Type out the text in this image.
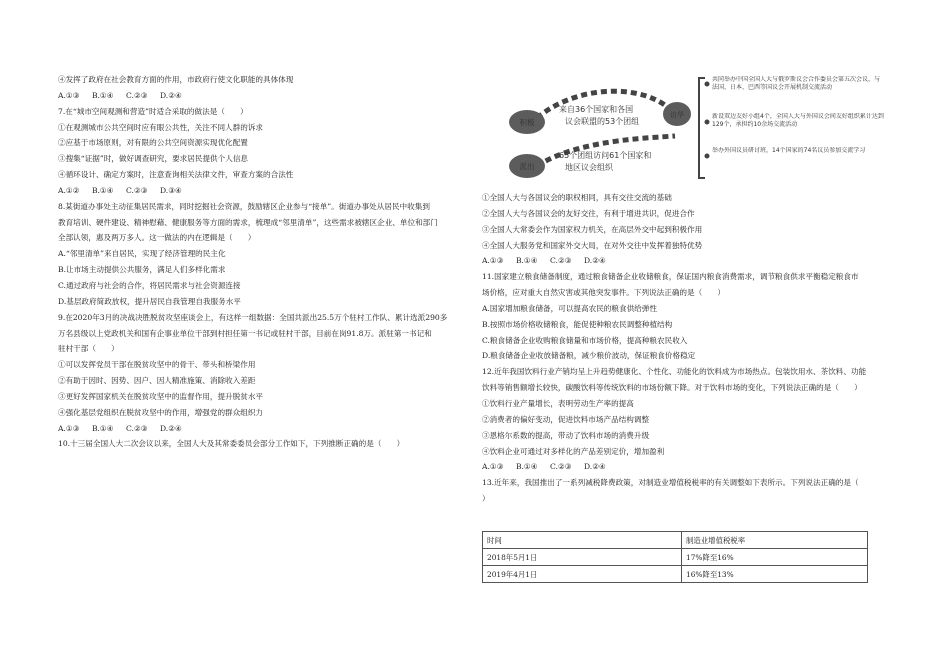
④发挥了政府在社会教育方面的作用，市政府行使文化职能的具体体现
A.①③ B.①④ C.②③ D.②④
7.在“城市空间观测和营造”时适合采取的做法是（　　）
①在观测城市公共空间时应有眼公共性，关注不同人群的诉求
②应基于市场原则，对有限的公共空间资源实现优化配置
③搜集“证据”时，做好调查研究，要求居民提供个人信息
④循环设计、确定方案时，注意查询相关法律文件，审查方案的合法性
A.①② B.①④ C.②③ D.③④
8.某街道办事处主动征集居民需求，同时挖掘社会资源，鼓励辖区企业参与“接单”。街道办事处从居民中收集到
教育培训、硬件建设、精神慰藉、健康服务等方面的需求，梳理成“邻里清单”，这些需求被辖区企业、单位和部门
全部认领，惠及两万多人。这一做法的内在逻辑是（　　）
A.“邻里清单”来自居民，实现了经济管理的民主化
B.让市场主动提供公共服务，满足人们多样化需求
C.通过政府与社会的合作，将居民需求与社会资源连接
D.基层政府简政放权，提升居民自我管理自我服务水平
9.在2020年3月的决战决胜脱贫攻坚座谈会上，有这样一组数据：全国共派出25.5万个驻村工作队、累计选派290多
万名县级以上党政机关和国有企事业单位干部到村担任第一书记或驻村干部，目前在岗91.8万。派驻第一书记和
驻村干部（　　）
①可以发挥党员干部在脱贫攻坚中的骨干、带头和桥梁作用
②有助于因时、因势、因户、因人精准施策、消除收入差距
③更好发挥国家机关在脱贫攻坚中的监督作用，提升脱贫水平
④强化基层党组织在脱贫攻坚中的作用，增强党的群众组织力
A.①③ B.①④ C.②③ D.②④
10.十三届全国人大二次会议以来，全国人大及其常委委员会部分工作如下，下列推断正确的是（　　）
积极
派出
访华
来自36个国家和各国
议会联盟的53个团组
65个团组访问61个国家和
地区议会组织
共同举办中国全国人大与俄罗斯议会合作委员会第五次会议，与法国、日本、巴西等国议会开展机制交流活动
新设双边友好小组4个，全国人大与外国议会间友好组织累计达到129个，承担约10余场交流活动
举办外国议员研讨班，14个国家的74名议员参加交流学习
①全国人大与各国议会的职权相同，具有交往交流的基础
②全国人大与各国议会的友好交往，有利于增进共识，促进合作
③全国人大常委会作为国家权力机关，在高层外交中起到积极作用
④全国人大服务党和国家外交大局，在对外交往中发挥着独特优势
A.①③ B.①④ C.②③ D.②④
11.国家建立粮食储备制度，通过粮食储备企业收储粮食，保证国内粮食消费需求，调节粮食供求平衡稳定粮食市
场价格，应对重大自然灾害或其他突发事件。下列说法正确的是（　　）
A.国家增加粮食储备，可以提高农民的粮食供给弹性
B.按照市场价格收储粮食，能促使种粮农民调整种植结构
C.粮食储备企业收购粮食储量和市场价格，提高种粮农民收入
D.粮食储备企业收放储备粮，减少粮价波动，保证粮食价格稳定
12.近年我国饮料行业产销均呈上升趋势健康化、个性化、功能化的饮料成为市场热点。包装饮用水、茶饮料、功能
饮料等销售额增长较快，碳酸饮料等传统饮料的市场份额下降。对于饮料市场的变化，下列说法正确的是（　　）
①饮料行业产量增长，表明劳动生产率的提高
②消费者的偏好变动，促进饮料市场产品结构调整
③恩格尔系数的提高，带动了饮料市场的消费升级
④饮料企业可通过对多样化的产品差别定价，增加盈利
A.①③ B.①④ C.②③ D.②④
13.近年来，我国推出了一系列减税降费政策，对制造业增值税税率的有关调整如下表所示。下列说法正确的是（
）
时间	制造业增值税税率
2018年5月1日	17%降至16%
2019年4月1日	16%降至13%
